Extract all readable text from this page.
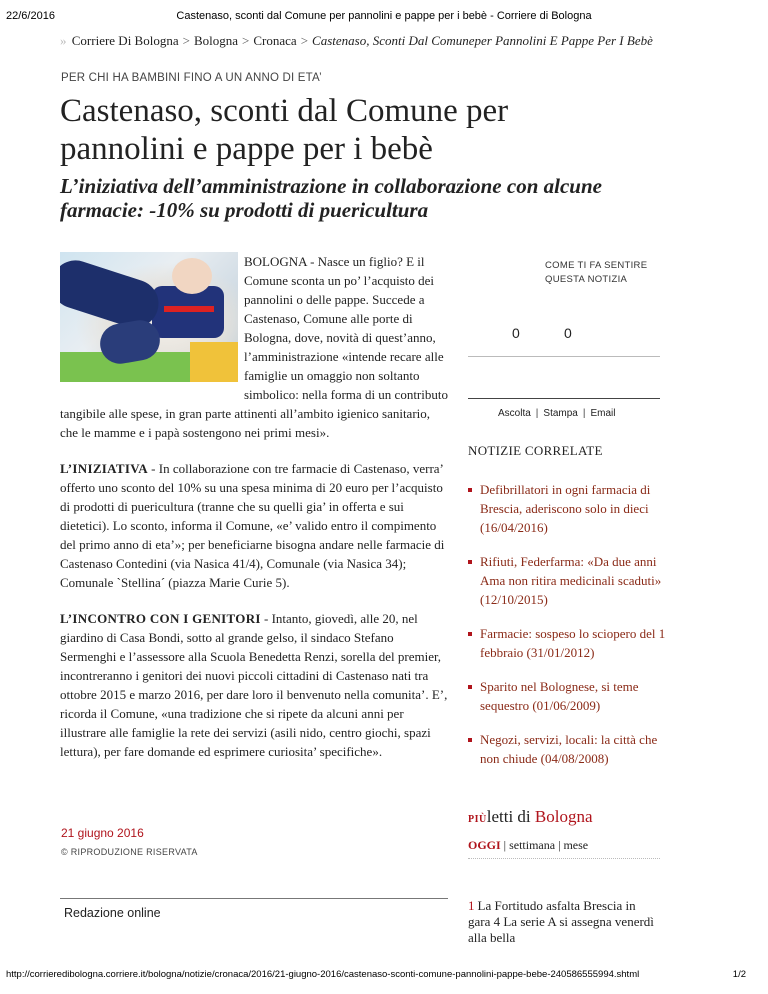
22/6/2016	Castenaso, sconti dal Comune per pannolini e pappe per i bebè - Corriere di Bologna
» Corriere Di Bologna > Bologna > Cronaca > Castenaso, Sconti Dal Comuneper Pannolini E Pappe Per I Bebè
PER CHI HA BAMBINI FINO A UN ANNO DI ETA’
Castenaso, sconti dal Comune per pannolini e pappe per i bebè
L’iniziativa dell’amministrazione in collaborazione con alcune farmacie: -10% su prodotti di puericultura

BOLOGNA - Nasce un figlio? E il Comune sconta un po’ l’acquisto dei pannolini o delle pappe. Succede a Castenaso, Comune alle porte di Bologna, dove, novità di quest’anno, l’amministrazione «intende recare alle famiglie un omaggio non soltanto simbolico: nella forma di un contributo tangibile alle spese, in gran parte attinenti all’ambito igienico sanitario, che le mamme e i papà sostengono nei primi mesi».

L’INIZIATIVA - In collaborazione con tre farmacie di Castenaso, verra’ offerto uno sconto del 10% su una spesa minima di 20 euro per l’acquisto di prodotti di puericultura (tranne che su quelli gia’ in offerta e sui dietetici). Lo sconto, informa il Comune, «e’ valido entro il compimento del primo anno di eta’»; per beneficiarne bisogna andare nelle farmacie di Castenaso Contedini (via Nasica 41/4), Comunale (via Nasica 34); Comunale `Stellina´ (piazza Marie Curie 5).

L’INCONTRO CON I GENITORI - Intanto, giovedì, alle 20, nel giardino di Casa Bondi, sotto al grande gelso, il sindaco Stefano Sermenghi e l’assessore alla Scuola Benedetta Renzi, sorella del premier, incontreranno i genitori dei nuovi piccoli cittadini di Castenaso nati tra ottobre 2015 e marzo 2016, per dare loro il benvenuto nella comunita’. E’, ricorda il Comune, «una tradizione che si ripete da alcuni anni per illustrare alle famiglie la rete dei servizi (asili nido, centro giochi, spazi lettura), per fare domande ed esprimere curiosita’ specifiche».

21 giugno 2016
© RIPRODUZIONE RISERVATA
Redazione online
COME TI FA SENTIRE QUESTA NOTIZIA
0	0
Ascolta | Stampa | Email
NOTIZIE CORRELATE
Defibrillatori in ogni farmacia di Brescia, aderiscono solo in dieci (16/04/2016)
Rifiuti, Federfarma: «Da due anni Ama non ritira medicinali scaduti» (12/10/2015)
Farmacie: sospeso lo sciopero del 1 febbraio (31/01/2012)
Sparito nel Bolognese, si teme sequestro (01/06/2009)
Negozi, servizi, locali: la città che non chiude (04/08/2008)
PIÙletti di Bologna
OGGI | settimana | mese
1 La Fortitudo asfalta Brescia in gara 4 La serie A si assegna venerdì alla bella
http://corrieredibologna.corriere.it/bologna/notizie/cronaca/2016/21-giugno-2016/castenaso-sconti-comune-pannolini-pappe-bebe-240586555994.shtml	1/2
